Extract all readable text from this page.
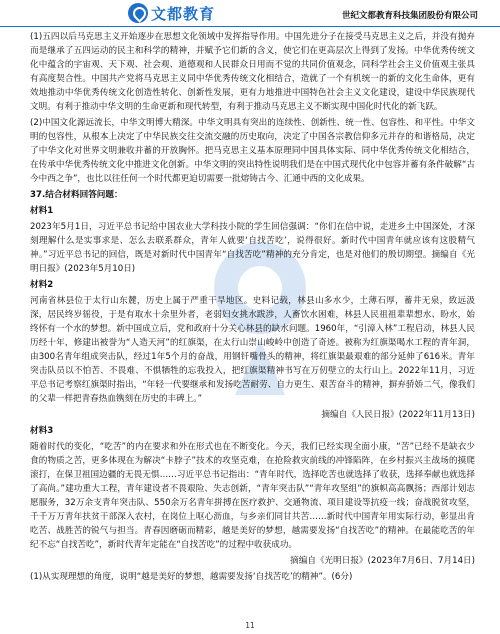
文都教育	世纪文都教育科技集团股份有限公司

(1)五四以后马克思主义开始逐步在思想文化领域中发挥指导作用。中国先进分子在接受马克思主义之后，并没有抛弃而是继承了五四运动的民主和科学的精神，并赋予它们新的含义，使它们在更高层次上得到了发扬。中华优秀传统文化中蕴含的宇宙观、天下观、社会观、道德观和人民群众日用而不觉的共同价值观念，同科学社会主义价值观主张具有高度契合性。中国共产党将马克思主义同中华优秀传统文化相结合，造就了一个有机统一的新的文化生命体，更有效地推动中华优秀传统文化创造性转化、创新性发展，更有力地推进中国特色社会主义文化建设，建设中华民族现代文明。有利于推动中华文明的生命更新和现代转型，有利于推动马克思主义不断实现中国化时代化的新飞跃。

(2)中国文化源远流长，中华文明博大精深。中华文明具有突出的连续性、创新性、统一性、包容性、和平性。中华文明的包容性，从根本上决定了中华民族交往交流交融的历史取向，决定了中国各宗教信仰多元并存的和谐格局，决定了中华文化对世界文明兼收并蓄的开放胸怀。把马克思主义基本原理同中国具体实际、同中华优秀传统文化相结合，在传承中华优秀传统文化中推进文化创新。中华文明的突出特性说明我们是在中国式现代化中包容并蓄有条件破解“古今中西之争”，也比以往任何一个时代都更迫切需要一批熔铸古今、汇通中西的文化成果。

37.结合材料回答问题：

材料1

2023年5月1日，习近平总书记给中国农业大学科技小院的学生回信强调：“你们在信中说，走进乡土中国深处，才深刻理解什么是实事求是、怎么去联系群众，青年人就要‘自找苦吃’，说得很好。新时代中国青年就应该有这股精气神。”习近平总书记的回信，既是对新时代中国青年“自找苦吃”精神的充分肯定，也是对他们的殷切期望。摘编自《光明日报》(2023年5月10日)

材料2

河南省林县位于太行山东麓，历史上属于严重干旱地区。史料记载，林县山多水少，土薄石厚，蓄井无泉，致远汲深，居民终岁徭役，于是有取水十余里外者，老弱妇女挑水跋涉，人畜饮水困难，林县人民祖祖辈辈想水、盼水，始终怀有一个水的梦想。新中国成立后，党和政府十分关心林县的缺水问题。1960年，“引漳入林”工程启动，林县人民历经十年，修建出被誉为“人造天河”的红旗渠，在太行山崇山峻岭中创造了奇迹。被称为红旗渠喝水工程的青年洞，由300名青年组成突击队，经过1年5个月的奋战，用钢钎嘴骨头的精神，将红旗渠最艰难的部分延伸了616米。青年突击队员以不怕苦、不畏难、不惧牺牲的忘我投入，把红旗渠精神书写在万仞壁立的太行山上。2022年11月，习近平总书记考察红旗渠时指出，“年轻一代要继承和发扬吃苦耐劳、自力更生、艰苦奋斗的精神，摒弃骄娇二气，像我们的父辈一样把青春热血镌刻在历史的丰碑上。”

摘编自《人民日报》(2022年11月13日)

材料3

随着时代的变化，“吃苦”的内在要求和外在形式也在不断变化。今天，我们已经实现全面小康，“苦”已经不是缺衣少食的物质之苦，更多体现在为解决“卡脖子”技术的攻坚克难，在抢险救灾前线的冲锋陷阵，在乡村振兴主战场的摸爬滚打，在保卫祖国边疆的无畏无惧……习近平总书记指出：“青年时代，选择吃苦也就选择了收获，选择奉献也就选择了高尚。”建功重大工程，青年建设者不畏艰险、失志创新，“青年突击队”“青年攻坚组”的旗帜高高飘扬；西部计划志愿服务，32万余支青年突击队、550余万名青年拼搏在医疗救护、交通物流、项目建设等抗疫一线；奋战脱贫攻坚，千千万万青年扶贫干部深入农村，在岗位上呕心沥血，与乡亲们同甘共苦……新时代中国青年用实际行动，彰显出肯吃苦、战胜苦的锐气与担当。青春因磨砺而精彩，越是美好的梦想，越需要发扬“自找苦吃”的精神。在最能吃苦的年纪不忘“自找苦吃”，新时代青年定能在“自找苦吃”的过程中收获成功。

摘编自《光明日报》(2023年7月6日、7月14日)

(1)从实现理想的角度，说明“越是美好的梦想，越需要发扬‘自找苦吃’的精神”。(6分)

11
